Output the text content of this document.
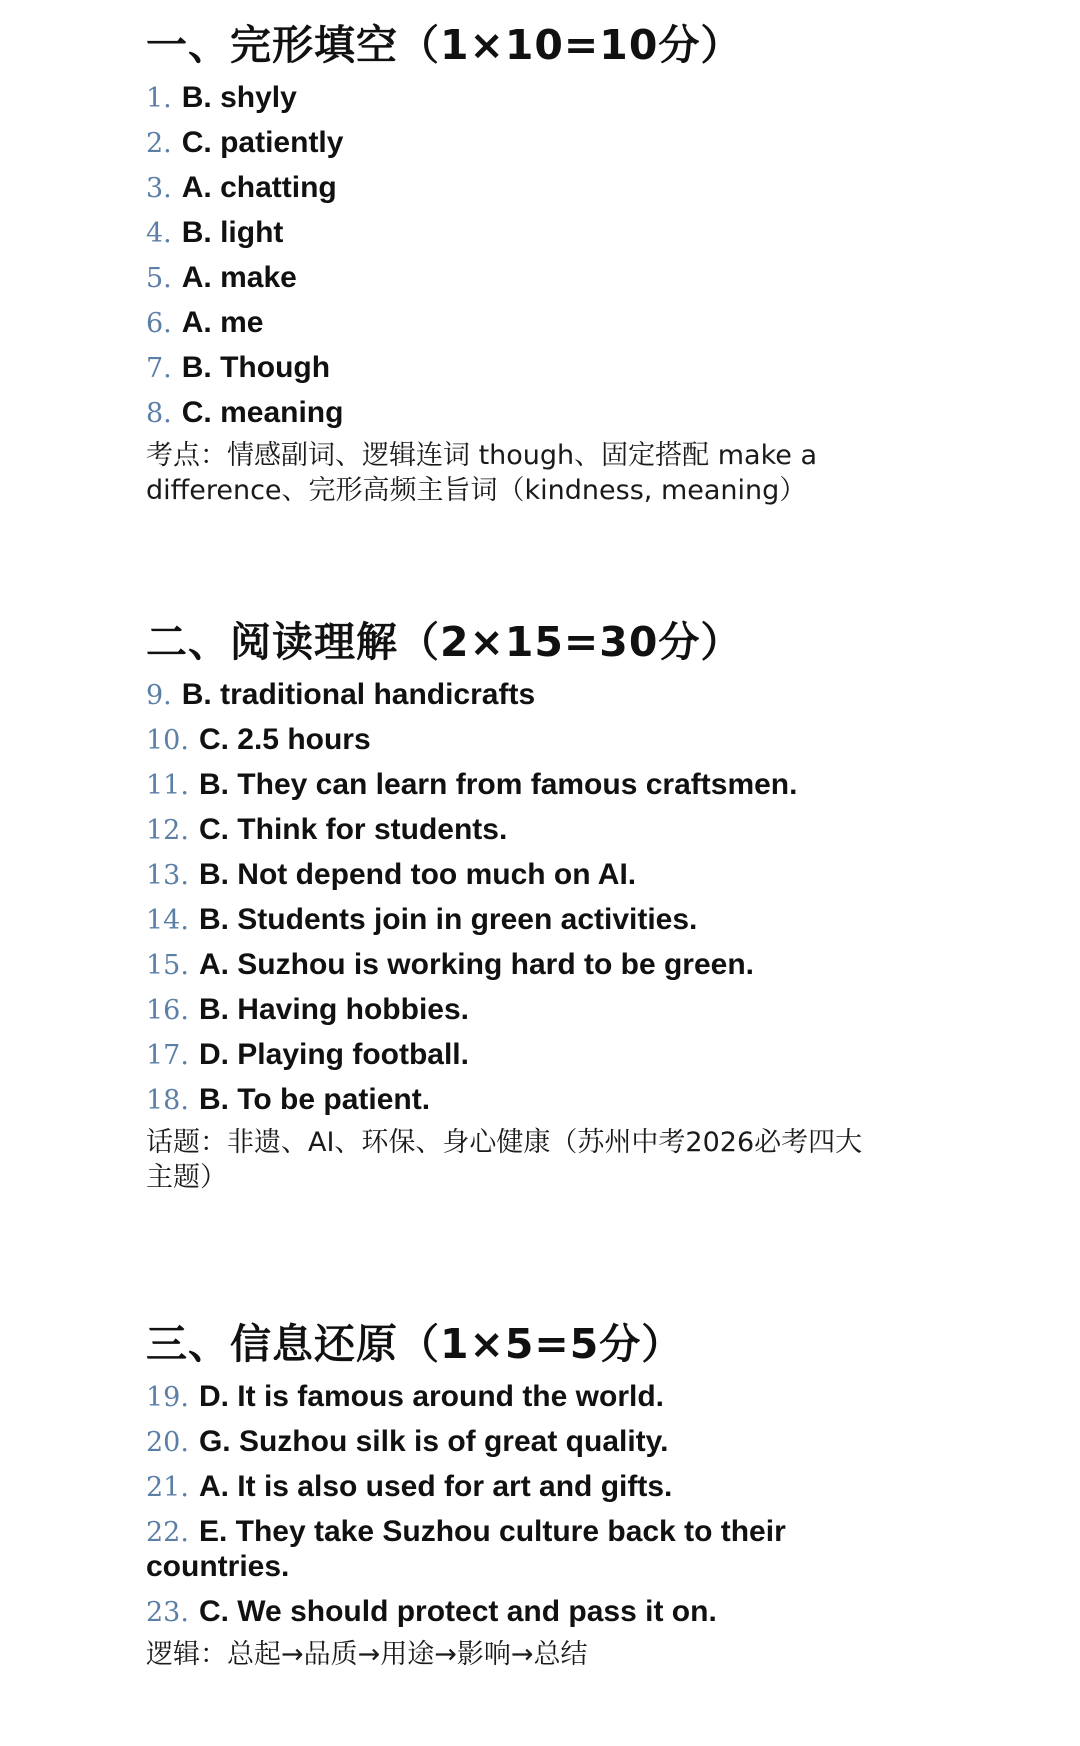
一、完形填空（1×10=10分）
1. B. shyly
2. C. patiently
3. A. chatting
4. B. light
5. A. make
6. A. me
7. B. Though
8. C. meaning

考点：情感副词、逻辑连词 though、固定搭配 make a difference、完形高频主旨词（kindness, meaning）

二、阅读理解（2×15=30分）
9. B. traditional handicrafts
10. C. 2.5 hours
11. B. They can learn from famous craftsmen.
12. C. Think for students.
13. B. Not depend too much on AI.
14. B. Students join in green activities.
15. A. Suzhou is working hard to be green.
16. B. Having hobbies.
17. D. Playing football.
18. B. To be patient.

话题：非遗、AI、环保、身心健康（苏州中考2026必考四大主题）

三、信息还原（1×5=5分）
19. D. It is famous around the world.
20. G. Suzhou silk is of great quality.
21. A. It is also used for art and gifts.
22. E. They take Suzhou culture back to their countries.
23. C. We should protect and pass it on.

逻辑：总起→品质→用途→影响→总结
